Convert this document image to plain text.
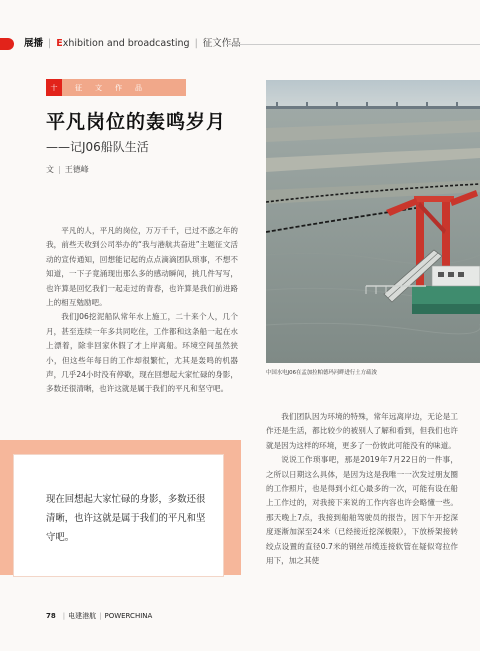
展播 | Exhibition and broadcasting | 征文作品
十	征 文 作 品
平凡岗位的轰鸣岁月
——记J06船队生活
文 | 王德峰

平凡的人，平凡的岗位，万万千千，已过不惑之年的我，前些天收到公司举办的“我与港航共奋进”主题征文活动的宣传通知，回想能记起的点点滴滴团队琐事，不想不知道，一下子竟涌现出那么多的感动瞬间，挑几件写写，也许算是回忆我们一起走过的青春，也许算是我们前进路上的相互勉励吧。

我们J06挖泥船队常年水上施工，二十来个人，几个月，甚至连续一年多共同吃住，工作都和这条船一起在水上漂着，除非回家休假了才上岸离船。环境空间虽然狭小，但这些年每日的工作却很繁忙，尤其是轰鸣的机器声，几乎24小时没有停歇，现在回想起大家忙碌的身影，多数还很清晰，也许这就是属于我们的平凡和坚守吧。

中国水电J06在孟加拉帕德玛河畔进行土方疏浚

我们团队因为环境的特殊，常年远离岸边，无论是工作还是生活，都比较少的被别人了解和看到，但我们也许就是因为这样的环境，更多了一份彼此可能没有的味道。

说说工作琐事吧，那是2019年7月22日的一件事，之所以日期这么具体，是因为这是我唯一一次发过朋友圈的工作照片，也是得到小红心最多的一次，可能有设在船上工作过的，对我接下来说的工作内容也许会略懂一些。那天晚上7点，我接到船舶驾驶员的报告，因下午开挖深度逐渐加深至24米（已经接近挖深极限），下放桥架接转绞点设置的直径0.7米的钢丝吊缆连接软管在疑似弯拉作用下，加之其使

现在回想起大家忙碌的身影，多数还很清晰，也许这就是属于我们的平凡和坚守吧。
78 | 电建港航 | POWERCHINA
